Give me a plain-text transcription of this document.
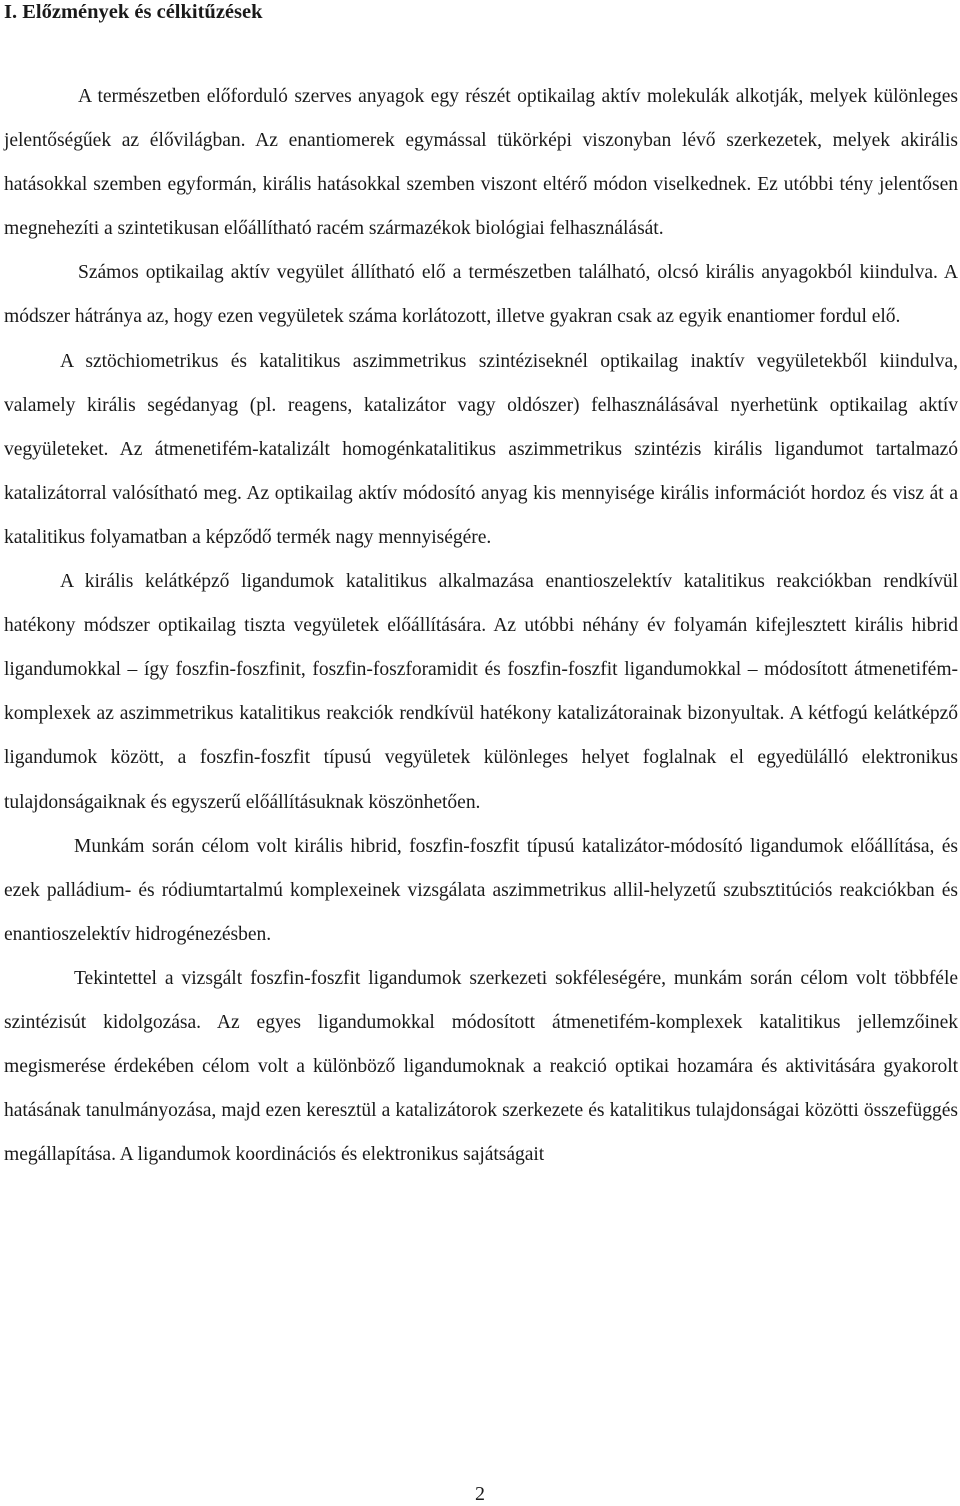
I. Előzmények és célkitűzések

A természetben előforduló szerves anyagok egy részét optikailag aktív molekulák alkotják, melyek különleges jelentőségűek az élővilágban. Az enantiomerek egymással tükörképi viszonyban lévő szerkezetek, melyek akirális hatásokkal szemben egyformán, királis hatásokkal szemben viszont eltérő módon viselkednek. Ez utóbbi tény jelentősen megnehezíti a szintetikusan előállítható racém származékok biológiai felhasználását.

Számos optikailag aktív vegyület állítható elő a természetben található, olcsó királis anyagokból kiindulva. A módszer hátránya az, hogy ezen vegyületek száma korlátozott, illetve gyakran csak az egyik enantiomer fordul elő.

A sztöchiometrikus és katalitikus aszimmetrikus szintéziseknél optikailag inaktív vegyületekből kiindulva, valamely királis segédanyag (pl. reagens, katalizátor vagy oldószer) felhasználásával nyerhetünk optikailag aktív vegyületeket. Az átmenetifém-katalizált homogénkatalitikus aszimmetrikus szintézis királis ligandumot tartalmazó katalizátorral valósítható meg. Az optikailag aktív módosító anyag kis mennyisége királis információt hordoz és visz át a katalitikus folyamatban a képződő termék nagy mennyiségére.

A királis kelátképző ligandumok katalitikus alkalmazása enantioszelektív katalitikus reakciókban rendkívül hatékony módszer optikailag tiszta vegyületek előállítására. Az utóbbi néhány év folyamán kifejlesztett királis hibrid ligandumokkal – így foszfin-foszfinit, foszfin-foszforamidit és foszfin-foszfit ligandumokkal – módosított átmenetifém-komplexek az aszimmetrikus katalitikus reakciók rendkívül hatékony katalizátorainak bizonyultak. A kétfogú kelátképző ligandumok között, a foszfin-foszfit típusú vegyületek különleges helyet foglalnak el egyedülálló elektronikus tulajdonságaiknak és egyszerű előállításuknak köszönhetően.

Munkám során célom volt királis hibrid, foszfin-foszfit típusú katalizátor-módosító ligandumok előállítása, és ezek palládium- és ródiumtartalmú komplexeinek vizsgálata aszimmetrikus allil-helyzetű szubsztitúciós reakciókban és enantioszelektív hidrogénezésben.

Tekintettel a vizsgált foszfin-foszfit ligandumok szerkezeti sokféleségére, munkám során célom volt többféle szintézisút kidolgozása. Az egyes ligandumokkal módosított átmenetifém-komplexek katalitikus jellemzőinek megismerése érdekében célom volt a különböző ligandumoknak a reakció optikai hozamára és aktivitására gyakorolt hatásának tanulmányozása, majd ezen keresztül a katalizátorok szerkezete és katalitikus tulajdonságai közötti összefüggés megállapítása. A ligandumok koordinációs és elektronikus sajátságait

2
